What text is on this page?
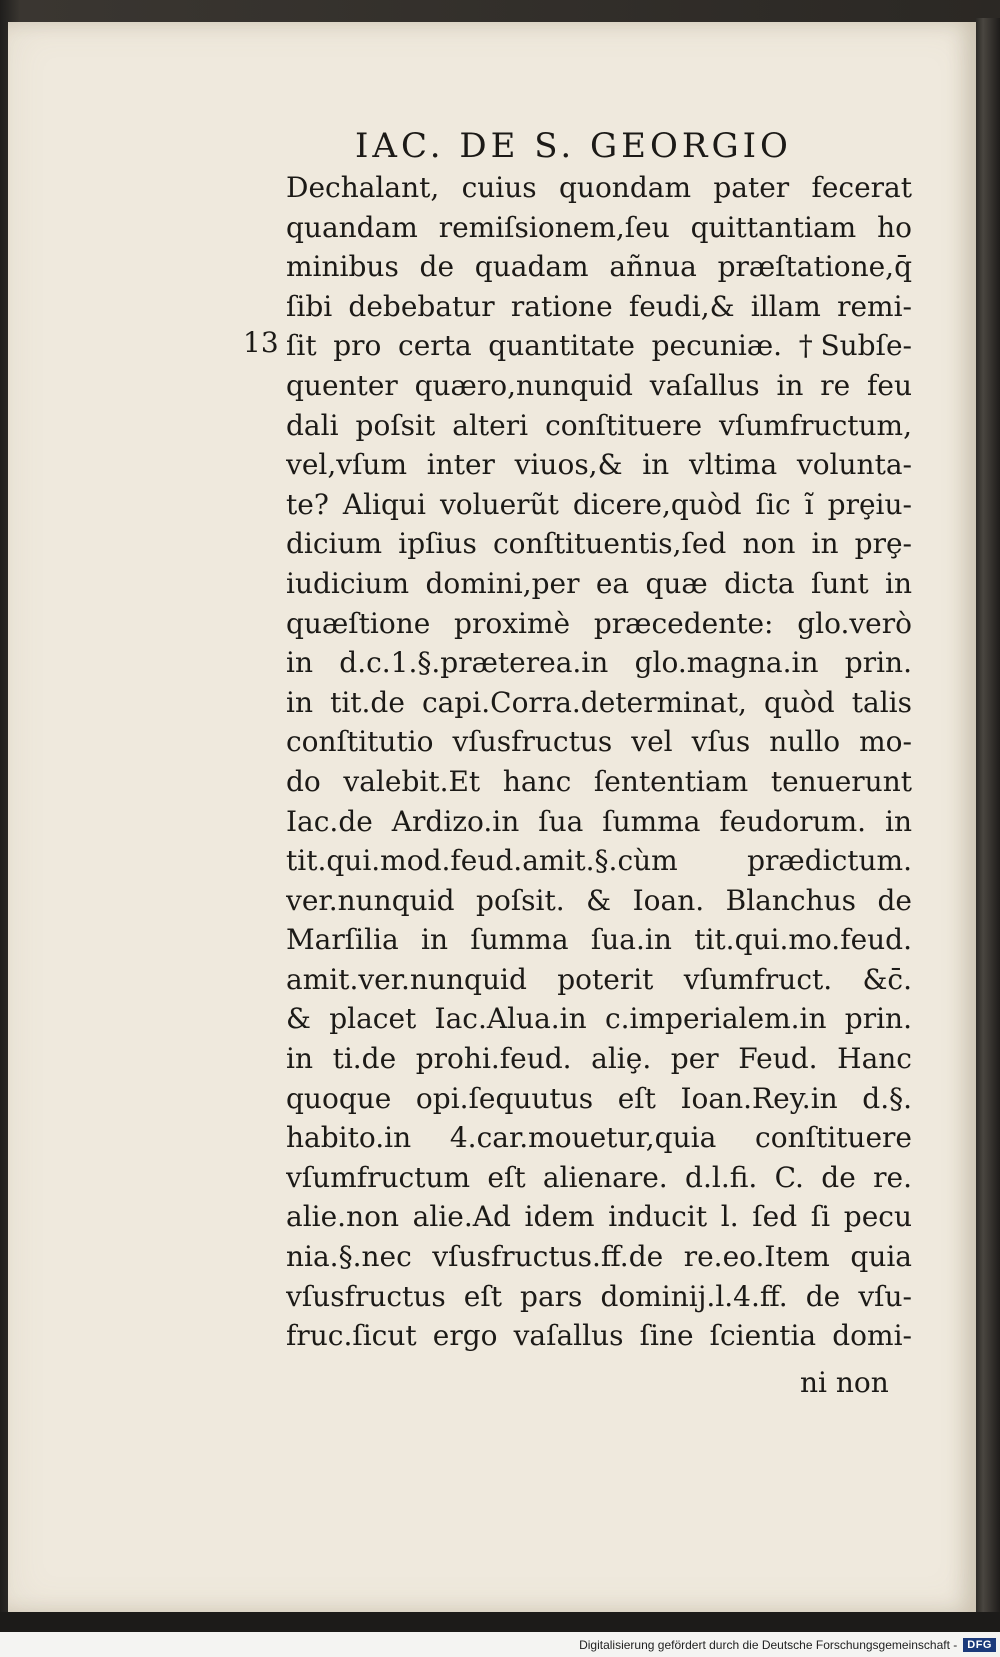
IAC. DE S. GEORGIO
13
Dechalant, cuius quondam pater fecerat
quandam remiſsionem,ſeu quittantiam ho
minibus de quadam añnua præſtatione,q̄
ſibi debebatur ratione feudi,& illam remi-
ſit pro certa quantitate pecuniæ. †Subſe-
quenter quæro,nunquid vaſallus in re feu
dali poſsit alteri conſtituere vſumfructum,
vel,vſum inter viuos,& in vltima volunta-
te? Aliqui voluerũt dicere,quòd ſic ĩ prȩiu-
dicium ipſius conſtituentis,ſed non in prȩ-
iudicium domini,per ea quæ dicta ſunt in
quæſtione proximè præcedente: glo.verò
in d.c.1.§.præterea.in glo.magna.in prin.
in tit.de capi.Corra.determinat, quòd talis
conſtitutio vſusfructus vel vſus nullo mo-
do valebit.Et hanc ſententiam tenuerunt
Iac.de Ardizo.in ſua ſumma feudorum. in
tit.qui.mod.feud.amit.§.cùm prædictum.
ver.nunquid poſsit. & Ioan. Blanchus de
Marſilia in ſumma ſua.in tit.qui.mo.feud.
amit.ver.nunquid poterit vſumfruct. &c̄.
& placet Iac.Alua.in c.imperialem.in prin.
in ti.de prohi.feud. aliȩ. per Feud. Hanc
quoque opi.ſequutus eſt Ioan.Rey.in d.§.
habito.in 4.car.mouetur,quia conſtituere
vſumfructum eſt alienare. d.l.fi. C. de re.
alie.non alie.Ad idem inducit l. ſed ſi pecu
nia.§.nec vſusfructus.ff.de re.eo.Item quia
vſusfructus eſt pars dominij.l.4.ff. de vſu-
fruc.ſicut ergo vaſallus ſine ſcientia domi-
ni non
Digitalisierung gefördert durch die Deutsche Forschungsgemeinschaft - DFG
